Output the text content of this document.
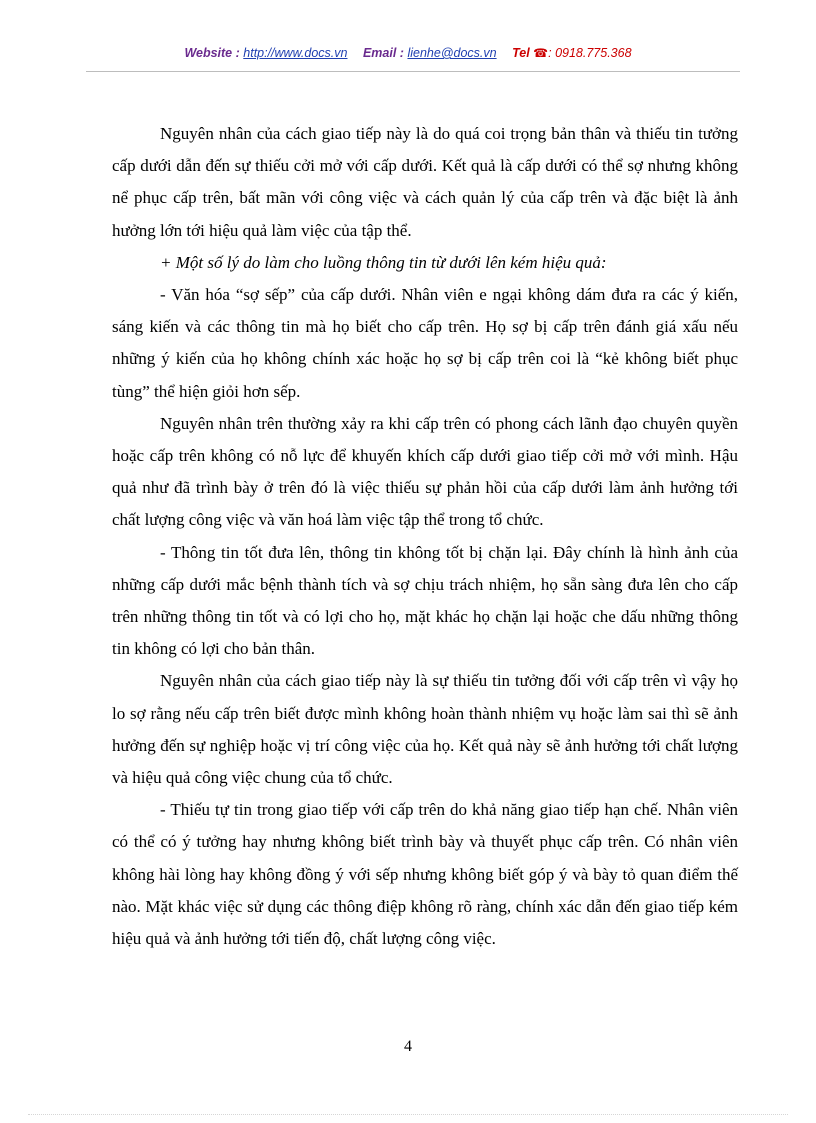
Website : http://www.docs.vn Email : lienhe@docs.vn Tel ☎: 0918.775.368

Nguyên nhân của cách giao tiếp này là do quá coi trọng bản thân và thiếu tin tưởng cấp dưới dẫn đến sự thiếu cởi mở với cấp dưới. Kết quả là cấp dưới có thể sợ nhưng không nể phục cấp trên, bất mãn với công việc và cách quản lý của cấp trên và đặc biệt là ảnh hưởng lớn tới hiệu quả làm việc của tập thể.

+ Một số lý do làm cho luồng thông tin từ dưới lên kém hiệu quả:

- Văn hóa “sợ sếp” của cấp dưới. Nhân viên e ngại không dám đưa ra các ý kiến, sáng kiến và các thông tin mà họ biết cho cấp trên. Họ sợ bị cấp trên đánh giá xấu nếu những ý kiến của họ không chính xác hoặc họ sợ bị cấp trên coi là “kẻ không biết phục tùng” thể hiện giỏi hơn sếp.

Nguyên nhân trên thường xảy ra khi cấp trên có phong cách lãnh đạo chuyên quyền hoặc cấp trên không có nỗ lực để khuyến khích cấp dưới giao tiếp cởi mở với mình. Hậu quả như đã trình bày ở trên đó là việc thiếu sự phản hồi của cấp dưới làm ảnh hưởng tới chất lượng công việc và văn hoá làm việc tập thể trong tổ chức.

- Thông tin tốt đưa lên, thông tin không tốt bị chặn lại. Đây chính là hình ảnh của những cấp dưới mắc bệnh thành tích và sợ chịu trách nhiệm, họ sẵn sàng đưa lên cho cấp trên những thông tin tốt và có lợi cho họ, mặt khác họ chặn lại hoặc che dấu những thông tin không có lợi cho bản thân.

Nguyên nhân của cách giao tiếp này là sự thiếu tin tưởng đối với cấp trên vì vậy họ lo sợ rằng nếu cấp trên biết được mình không hoàn thành nhiệm vụ hoặc làm sai thì sẽ ảnh hưởng đến sự nghiệp hoặc vị trí công việc của họ. Kết quả này sẽ ảnh hưởng tới chất lượng và hiệu quả công việc chung của tổ chức.

- Thiếu tự tin trong giao tiếp với cấp trên do khả năng giao tiếp hạn chế. Nhân viên có thể có ý tưởng hay nhưng không biết trình bày và thuyết phục cấp trên. Có nhân viên không hài lòng hay không đồng ý với sếp nhưng không biết góp ý và bày tỏ quan điểm thế nào. Mặt khác việc sử dụng các thông điệp không rõ ràng, chính xác dẫn đến giao tiếp kém hiệu quả và ảnh hưởng tới tiến độ, chất lượng công việc.

4
